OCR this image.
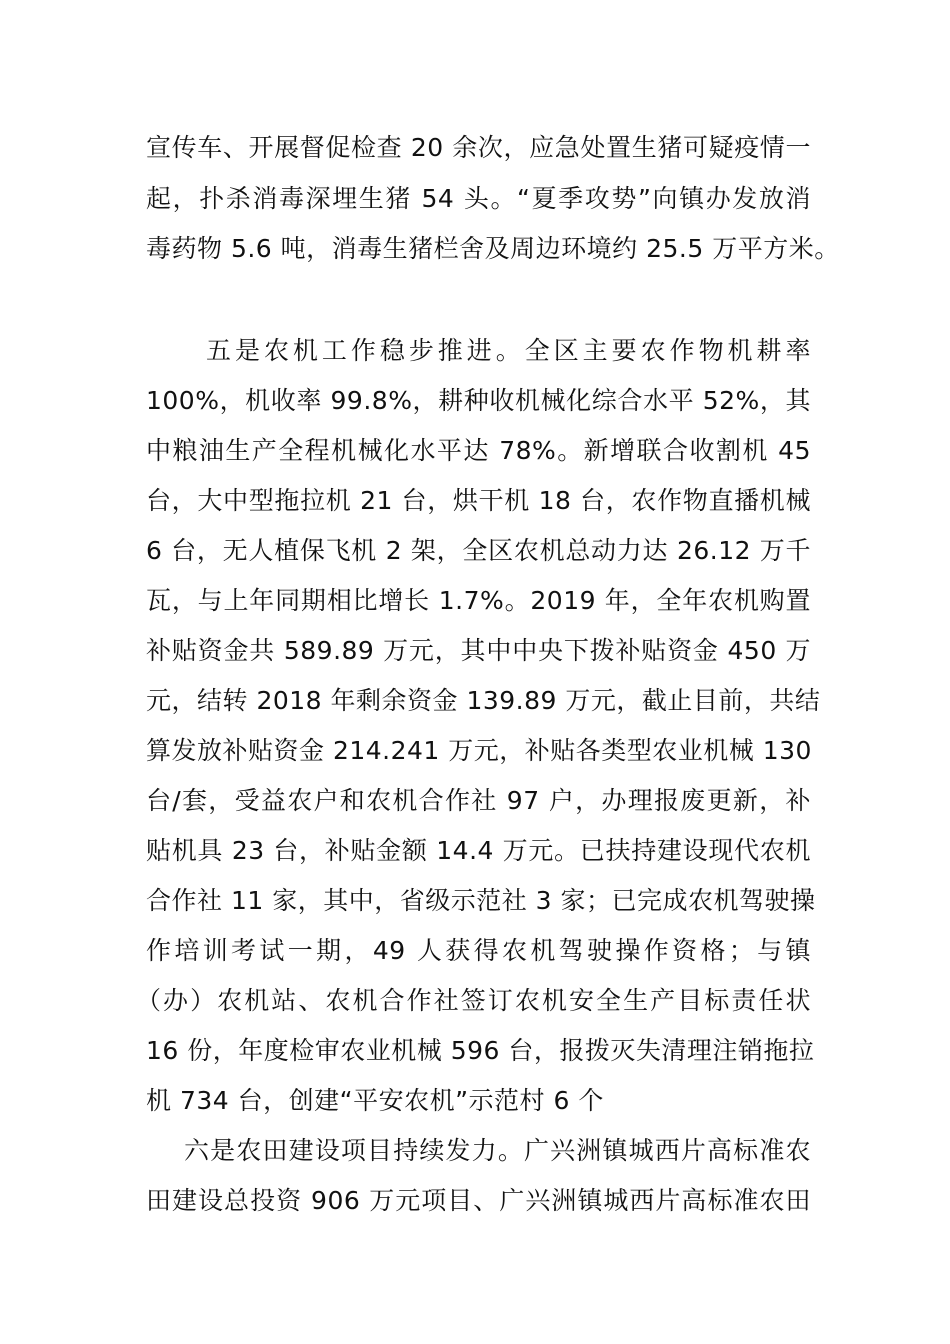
宣传车、开展督促检查 20 余次，应急处置生猪可疑疫情一
起，扑杀消毒深埋生猪 54 头。“夏季攻势”向镇办发放消
毒药物 5.6 吨，消毒生猪栏舍及周边环境约 25.5 万平方米。
五是农机工作稳步推进。全区主要农作物机耕率
100%，机收率 99.8%，耕种收机械化综合水平 52%，其
中粮油生产全程机械化水平达 78%。新增联合收割机 45
台，大中型拖拉机 21 台，烘干机 18 台，农作物直播机械
6 台，无人植保飞机 2 架，全区农机总动力达 26.12 万千
瓦，与上年同期相比增长 1.7%。2019 年，全年农机购置
补贴资金共 589.89 万元，其中中央下拨补贴资金 450 万
元，结转 2018 年剩余资金 139.89 万元，截止目前，共结
算发放补贴资金 214.241 万元，补贴各类型农业机械 130
台/套，受益农户和农机合作社 97 户，办理报废更新，补
贴机具 23 台，补贴金额 14.4 万元。已扶持建设现代农机
合作社 11 家，其中，省级示范社 3 家；已完成农机驾驶操
作培训考试一期，49 人获得农机驾驶操作资格；与镇
（办）农机站、农机合作社签订农机安全生产目标责任状
16 份，年度检审农业机械 596 台，报拨灭失清理注销拖拉
机 734 台，创建“平安农机”示范村 6 个
六是农田建设项目持续发力。广兴洲镇城西片高标准农
田建设总投资 906 万元项目、广兴洲镇城西片高标准农田
